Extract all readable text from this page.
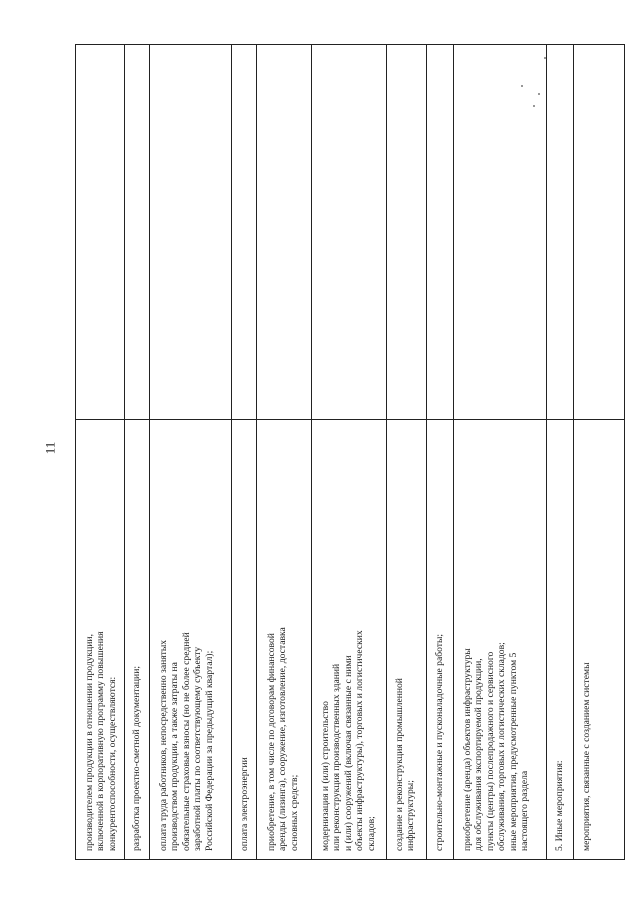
11
производителем продукции в отношении продукции,
включенной в корпоративную программу повышения
конкурентоспособности, осуществляются: разработка проектно-сметной документации; оплата труда работников, непосредственно занятых
производством продукции, а также затраты на
обязательные страховые взносы (но не более средней
заработной платы по соответствующему субъекту
Российской Федерации за предыдущий квартал);
оплата электроэнергии приобретение, в том числе по договорам финансовой
аренды (лизинга), сооружение, изготовление, доставка
основных средств;
модернизация и (или) строительство
или реконструкция производственных зданий
и (или) сооружений (включая связанные с ними
объекты инфраструктуры), торговых и логистических
складов; создание и реконструкция промышленной
инфраструктуры; строительно-монтажные и пусконаладочные работы; приобретение (аренда) объектов инфраструктуры
для обслуживания экспортируемой продукции,
пункты (центры) послепродажного и сервисного
обслуживания, торговых и логистических складов;
иные мероприятия, предусмотренные пунктом 5
настоящего раздела 5. Иные мероприятия: мероприятия, связанные с созданием системы
